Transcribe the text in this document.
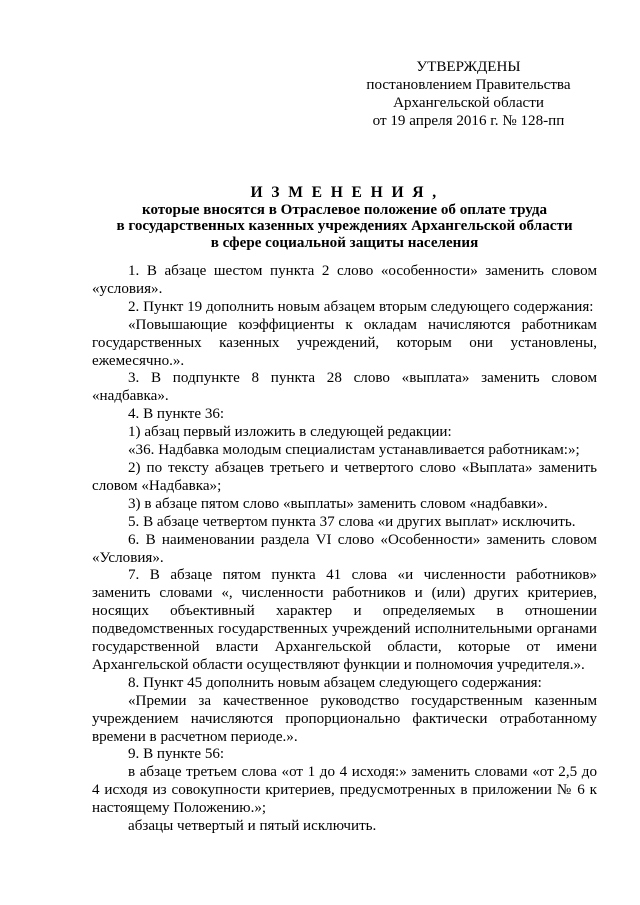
УТВЕРЖДЕНЫ
постановлением Правительства
Архангельской области
от 19 апреля 2016 г. № 128-пп
И З М Е Н Е Н И Я ,
которые вносятся в Отраслевое положение об оплате труда
в государственных казенных учреждениях Архангельской области
в сфере социальной защиты населения

1. В абзаце шестом пункта 2 слово «особенности» заменить словом «условия».

2. Пункт 19 дополнить новым абзацем вторым следующего содержания:

«Повышающие коэффициенты к окладам начисляются работникам государственных казенных учреждений, которым они установлены, ежемесячно.».

3. В подпункте 8 пункта 28 слово «выплата» заменить словом «надбавка».

4. В пункте 36:

1) абзац первый изложить в следующей редакции:

«36. Надбавка молодым специалистам устанавливается работникам:»;

2) по тексту абзацев третьего и четвертого слово «Выплата» заменить словом «Надбавка»;

3) в абзаце пятом слово «выплаты» заменить словом «надбавки».

5. В абзаце четвертом пункта 37 слова «и других выплат» исключить.

6. В наименовании раздела VI слово «Особенности» заменить словом «Условия».

7. В абзаце пятом пункта 41 слова «и численности работников» заменить словами «, численности работников и (или) других критериев, носящих объективный характер и определяемых в отношении подведомственных государственных учреждений исполнительными органами государственной власти Архангельской области, которые от имени Архангельской области осуществляют функции и полномочия учредителя.».

8. Пункт 45 дополнить новым абзацем следующего содержания:

«Премии за качественное руководство государственным казенным учреждением начисляются пропорционально фактически отработанному времени в расчетном периоде.».

9. В пункте 56:

в абзаце третьем слова «от 1 до 4 исходя:» заменить словами «от 2,5 до 4 исходя из совокупности критериев, предусмотренных в приложении № 6 к настоящему Положению.»;

абзацы четвертый и пятый исключить.
